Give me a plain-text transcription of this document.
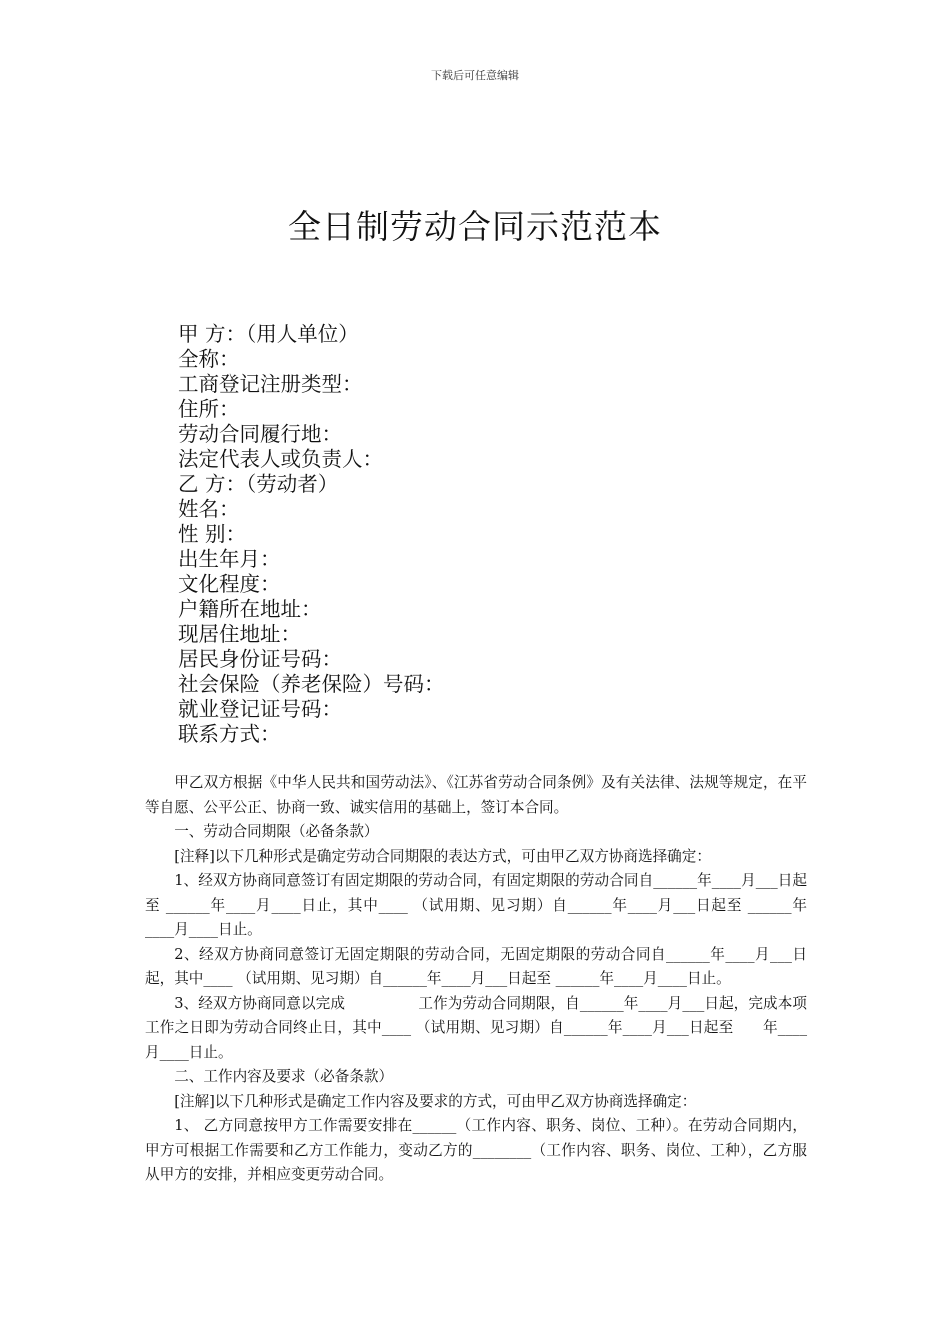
下载后可任意编辑
全日制劳动合同示范范本
甲 方：（用人单位）
全称：
工商登记注册类型：
住所：
劳动合同履行地：
法定代表人或负责人：
乙 方：（劳动者）
姓名：
性 别：
出生年月：
文化程度：
户籍所在地址：
现居住地址：
居民身份证号码：
社会保险（养老保险）号码：
就业登记证号码：
联系方式：

甲乙双方根据《中华人民共和国劳动法》、《江苏省劳动合同条例》及有关法律、法规等规定，在平等自愿、公平公正、协商一致、诚实信用的基础上，签订本合同。

一、劳动合同期限（必备条款）

[注释]以下几种形式是确定劳动合同期限的表达方式，可由甲乙双方协商选择确定：

1、经双方协商同意签订有固定期限的劳动合同，有固定期限的劳动合同自______年____月___日起至 ______年____月____日止，其中____ （试用期、见习期）自______年____月___日起至 ______年____月____日止。

2、经双方协商同意签订无固定期限的劳动合同，无固定期限的劳动合同自______年____月___日起，其中____ （试用期、见习期）自______年____月___日起至 ______年____月____日止。

3、经双方协商同意以完成　　　　　工作为劳动合同期限，自______年____月___日起，完成本项工作之日即为劳动合同终止日，其中____ （试用期、见习期）自______年____月___日起至　　年____月____日止。

二、工作内容及要求（必备条款）

[注解]以下几种形式是确定工作内容及要求的方式，可由甲乙双方协商选择确定：

1、 乙方同意按甲方工作需要安排在______（工作内容、职务、岗位、工种）。在劳动合同期内，甲方可根据工作需要和乙方工作能力，变动乙方的________（工作内容、职务、岗位、工种），乙方服从甲方的安排，并相应变更劳动合同。
